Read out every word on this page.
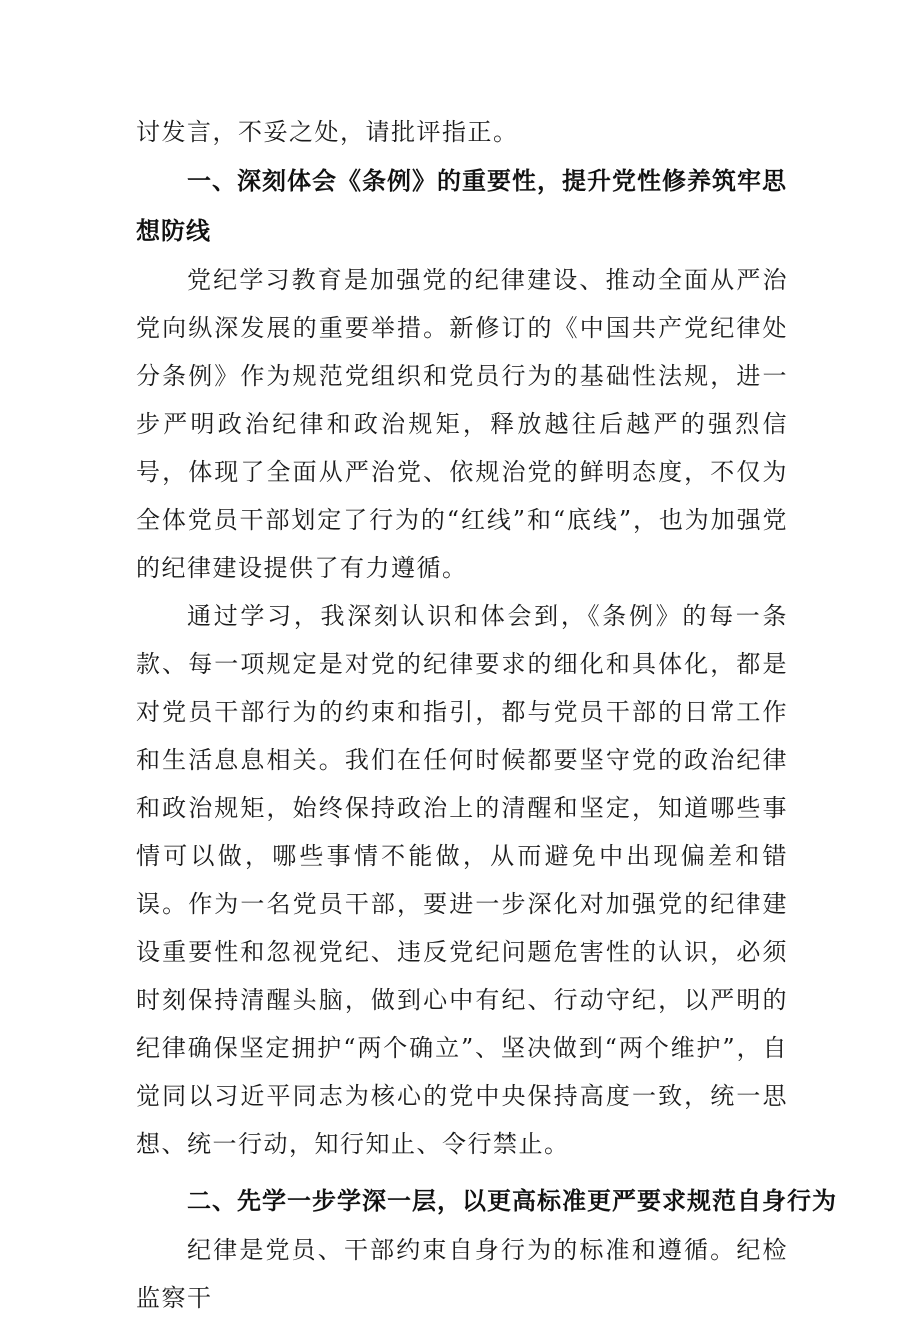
讨发言，不妥之处，请批评指正。

一、深刻体会《条例》的重要性，提升党性修养筑牢思想防线

党纪学习教育是加强党的纪律建设、推动全面从严治党向纵深发展的重要举措。新修订的《中国共产党纪律处分条例》作为规范党组织和党员行为的基础性法规，进一步严明政治纪律和政治规矩，释放越往后越严的强烈信号，体现了全面从严治党、依规治党的鲜明态度，不仅为全体党员干部划定了行为的“红线”和“底线”，也为加强党的纪律建设提供了有力遵循。

通过学习，我深刻认识和体会到，《条例》的每一条款、每一项规定是对党的纪律要求的细化和具体化，都是对党员干部行为的约束和指引，都与党员干部的日常工作和生活息息相关。我们在任何时候都要坚守党的政治纪律和政治规矩，始终保持政治上的清醒和坚定，知道哪些事情可以做，哪些事情不能做，从而避免中出现偏差和错误。作为一名党员干部，要进一步深化对加强党的纪律建设重要性和忽视党纪、违反党纪问题危害性的认识，必须时刻保持清醒头脑，做到心中有纪、行动守纪，以严明的纪律确保坚定拥护“两个确立”、坚决做到“两个维护”，自觉同以习近平同志为核心的党中央保持高度一致，统一思想、统一行动，知行知止、令行禁止。

二、先学一步学深一层，以更高标准更严要求规范自身行为

纪律是党员、干部约束自身行为的标准和遵循。纪检监察干
